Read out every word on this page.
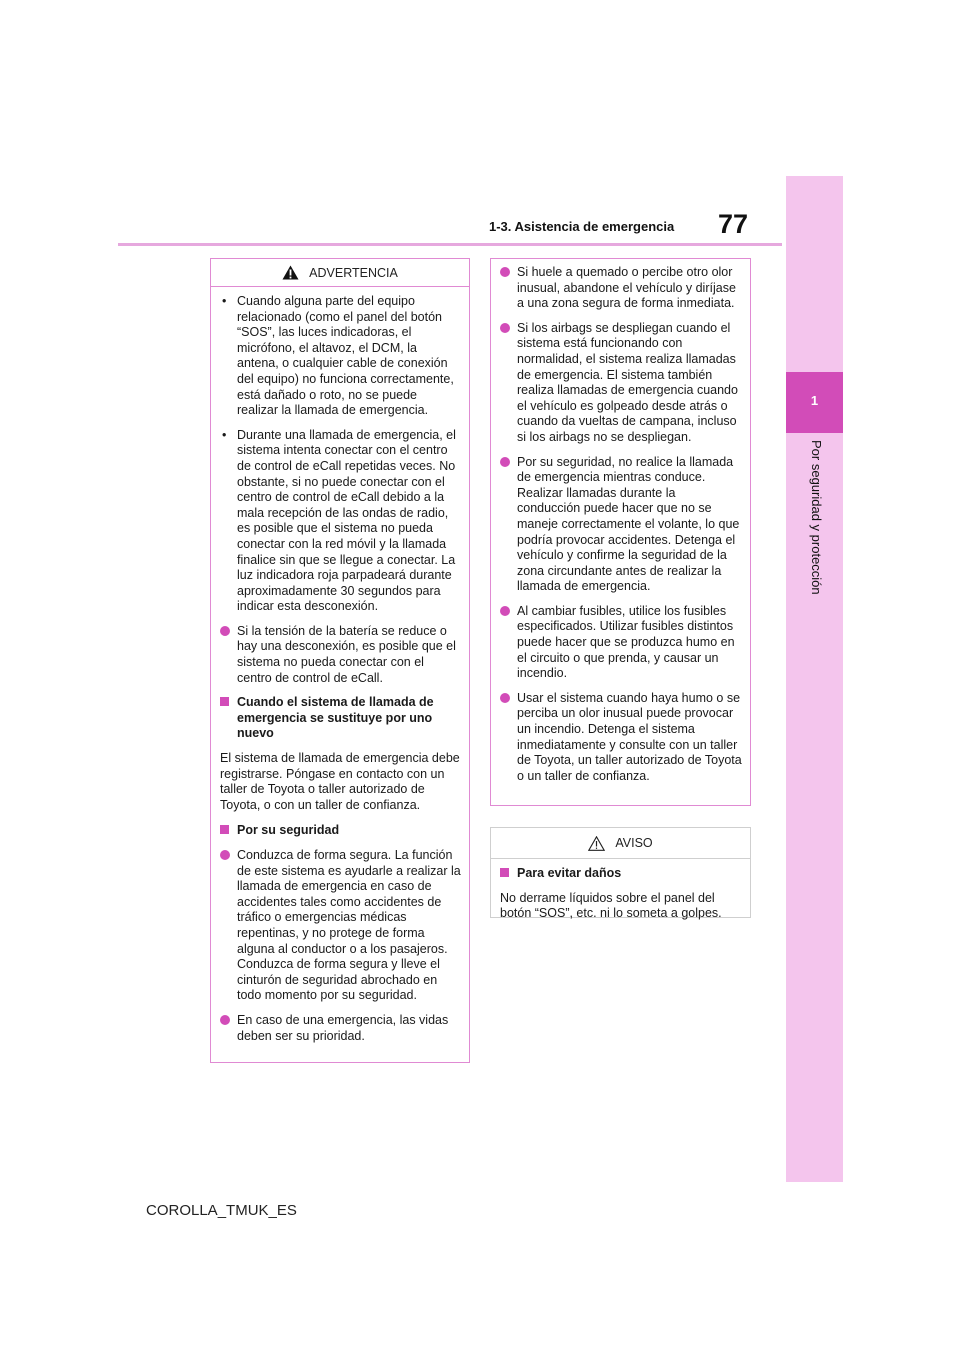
1
Por seguridad y protección
77
1-3. Asistencia de emergencia
ADVERTENCIA
• Cuando alguna parte del equipo relacionado (como el panel del botón “SOS”, las luces indicadoras, el micrófono, el altavoz, el DCM, la antena, o cualquier cable de conexión del equipo) no funciona correctamente, está dañado o roto, no se puede realizar la llamada de emergencia.
• Durante una llamada de emergencia, el sistema intenta conectar con el centro de control de eCall repetidas veces. No obstante, si no puede conectar con el centro de control de eCall debido a la mala recepción de las ondas de radio, es posible que el sistema no pueda conectar con la red móvil y la llamada finalice sin que se llegue a conectar. La luz indicadora roja parpadeará durante aproximadamente 30 segundos para indicar esta desconexión.
Si la tensión de la batería se reduce o hay una desconexión, es posible que el sistema no pueda conectar con el centro de control de eCall.
Cuando el sistema de llamada de emergencia se sustituye por uno nuevo

El sistema de llamada de emergencia debe registrarse. Póngase en contacto con un taller de Toyota o taller autorizado de Toyota, o con un taller de confianza.

Por su seguridad
Conduzca de forma segura. La función de este sistema es ayudarle a realizar la llamada de emergencia en caso de accidentes tales como accidentes de tráfico o emergencias médicas repentinas, y no protege de forma alguna al conductor o a los pasajeros. Conduzca de forma segura y lleve el cinturón de seguridad abrochado en todo momento por su seguridad.
En caso de una emergencia, las vidas deben ser su prioridad.
Si huele a quemado o percibe otro olor inusual, abandone el vehículo y diríjase a una zona segura de forma inmediata.
Si los airbags se despliegan cuando el sistema está funcionando con normalidad, el sistema realiza llamadas de emergencia. El sistema también realiza llamadas de emergencia cuando el vehículo es golpeado desde atrás o cuando da vueltas de campana, incluso si los airbags no se despliegan.
Por su seguridad, no realice la llamada de emergencia mientras conduce. Realizar llamadas durante la conducción puede hacer que no se maneje correctamente el volante, lo que podría provocar accidentes. Detenga el vehículo y confirme la seguridad de la zona circundante antes de realizar la llamada de emergencia.
Al cambiar fusibles, utilice los fusibles especificados. Utilizar fusibles distintos puede hacer que se produzca humo en el circuito o que prenda, y causar un incendio.
Usar el sistema cuando haya humo o se perciba un olor inusual puede provocar un incendio. Detenga el sistema inmediatamente y consulte con un taller de Toyota, un taller autorizado de Toyota o un taller de confianza.
AVISO
Para evitar daños

No derrame líquidos sobre el panel del botón “SOS”, etc. ni lo someta a golpes.

COROLLA_TMUK_ES
